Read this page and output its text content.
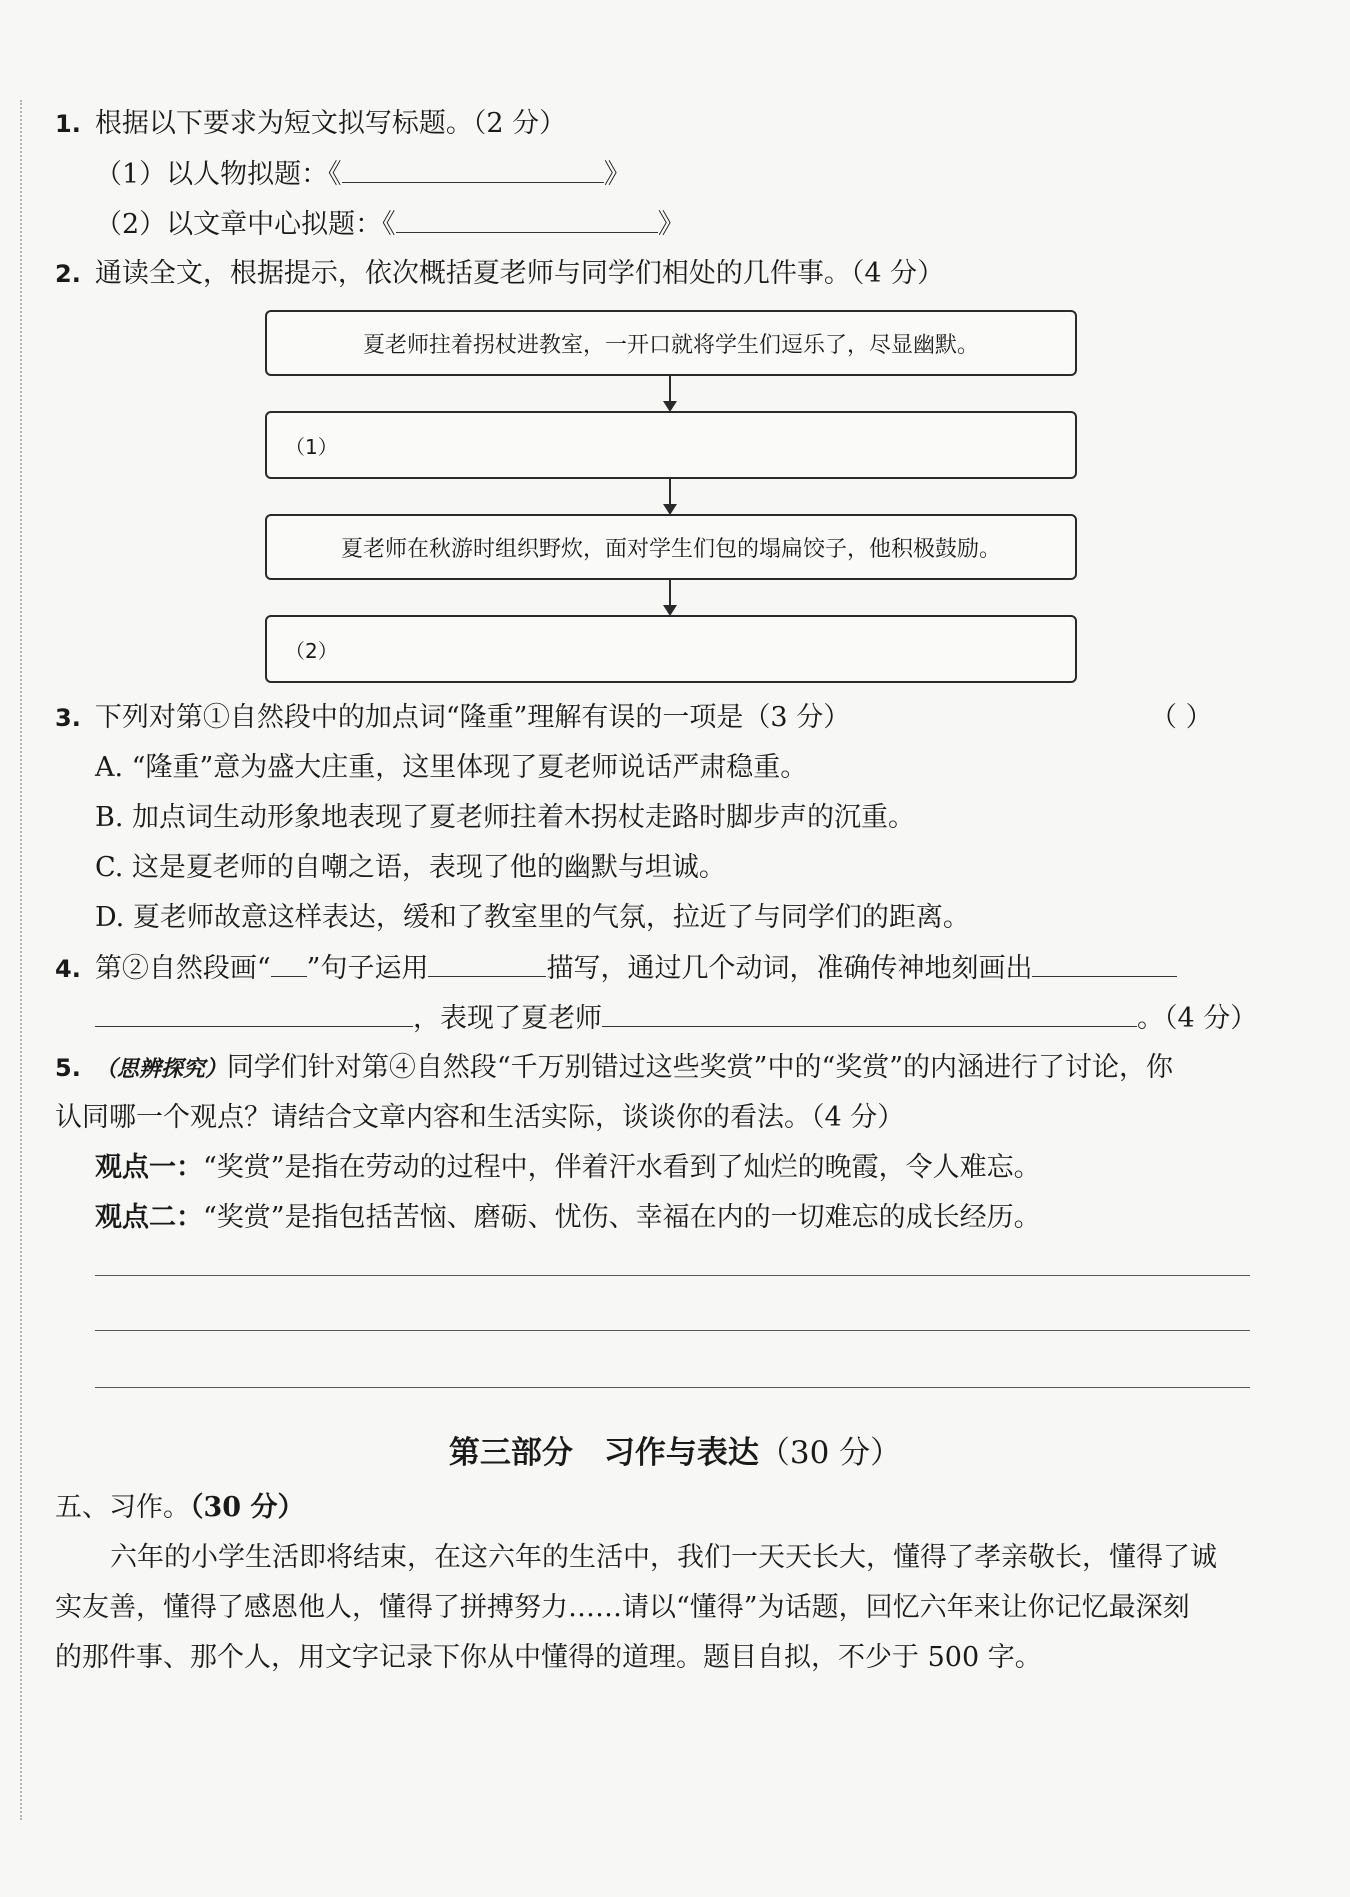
1. 根据以下要求为短文拟写标题。（2 分）
（1）以人物拟题：《	》
（2）以文章中心拟题：《	》
2. 通读全文，根据提示，依次概括夏老师与同学们相处的几件事。（4 分）
夏老师拄着拐杖进教室，一开口就将学生们逗乐了，尽显幽默。
（1）
夏老师在秋游时组织野炊，面对学生们包的塌扁饺子，他积极鼓励。
（2）
3. 下列对第①自然段中的加点词“隆重”理解有误的一项是（3 分）	（ ）
A. “隆重”意为盛大庄重，这里体现了夏老师说话严肃稳重。
B. 加点词生动形象地表现了夏老师拄着木拐杖走路时脚步声的沉重。
C. 这是夏老师的自嘲之语，表现了他的幽默与坦诚。
D. 夏老师故意这样表达，缓和了教室里的气氛，拉近了与同学们的距离。
4. 第②自然段画“ ”句子运用	描写，通过几个动词，准确传神地刻画出
，表现了夏老师	。（4 分）
5. （思辨探究）同学们针对第④自然段“千万别错过这些奖赏”中的“奖赏”的内涵进行了讨论，你
认同哪一个观点？请结合文章内容和生活实际，谈谈你的看法。（4 分）
观点一：“奖赏”是指在劳动的过程中，伴着汗水看到了灿烂的晚霞，令人难忘。
观点二：“奖赏”是指包括苦恼、磨砺、忧伤、幸福在内的一切难忘的成长经历。
第三部分　习作与表达（30 分）
五、习作。（30 分）
六年的小学生活即将结束，在这六年的生活中，我们一天天长大，懂得了孝亲敬长，懂得了诚
实友善，懂得了感恩他人，懂得了拼搏努力……请以“懂得”为话题，回忆六年来让你记忆最深刻
的那件事、那个人，用文字记录下你从中懂得的道理。题目自拟，不少于 500 字。
